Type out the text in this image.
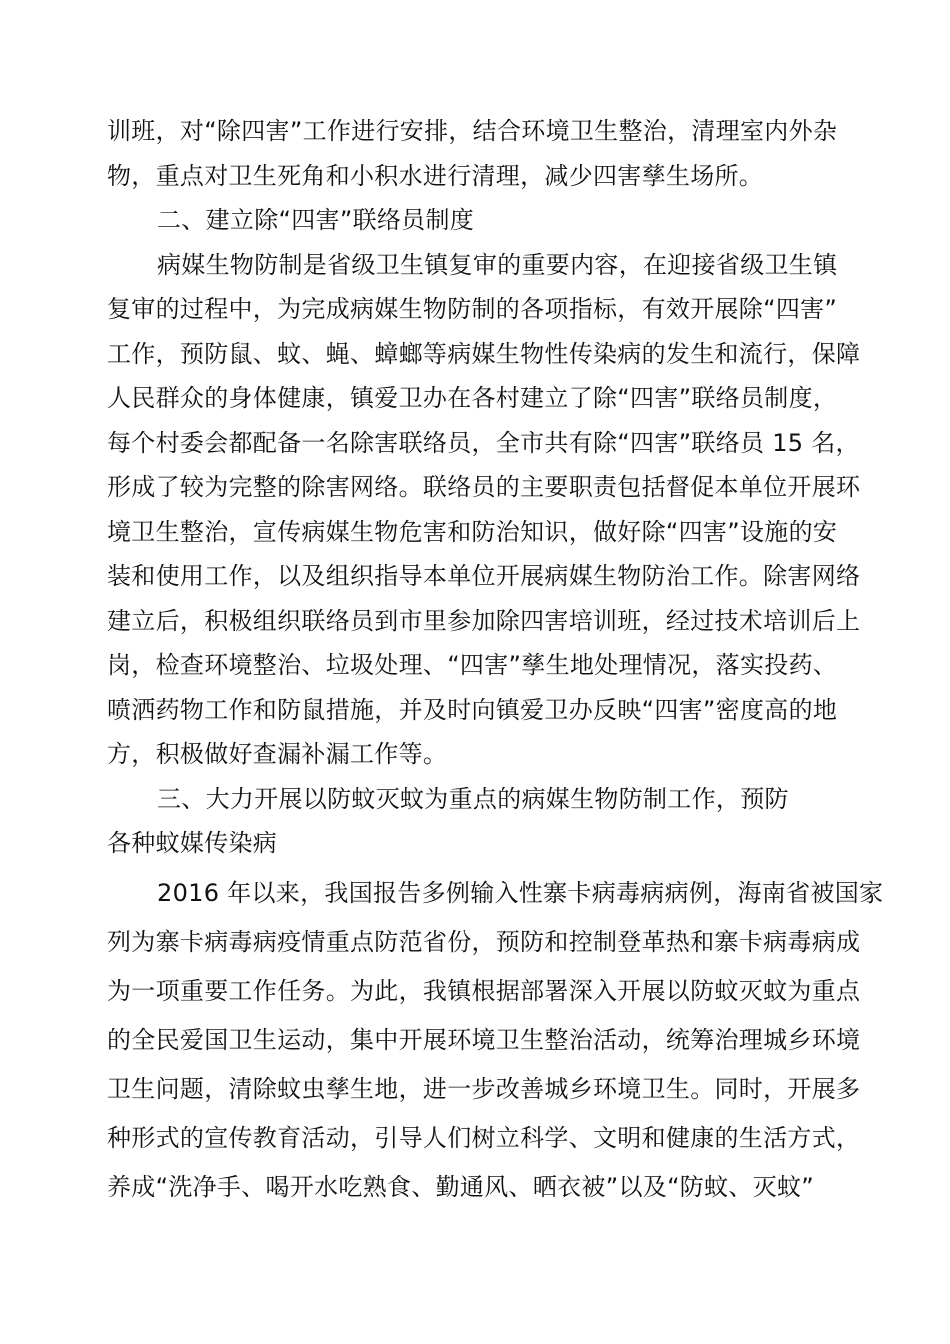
训班，对“除四害”工作进行安排，结合环境卫生整治，清理室内外杂
物，重点对卫生死角和小积水进行清理，减少四害孳生场所。
二、建立除“四害”联络员制度
病媒生物防制是省级卫生镇复审的重要内容，在迎接省级卫生镇
复审的过程中，为完成病媒生物防制的各项指标，有效开展除“四害”
工作，预防鼠、蚊、蝇、蟑螂等病媒生物性传染病的发生和流行，保障
人民群众的身体健康，镇爱卫办在各村建立了除“四害”联络员制度，
每个村委会都配备一名除害联络员，全市共有除“四害”联络员 15 名，
形成了较为完整的除害网络。联络员的主要职责包括督促本单位开展环
境卫生整治，宣传病媒生物危害和防治知识，做好除“四害”设施的安
装和使用工作，以及组织指导本单位开展病媒生物防治工作。除害网络
建立后，积极组织联络员到市里参加除四害培训班，经过技术培训后上
岗，检查环境整治、垃圾处理、“四害”孳生地处理情况，落实投药、
喷洒药物工作和防鼠措施，并及时向镇爱卫办反映“四害”密度高的地
方，积极做好查漏补漏工作等。
三、大力开展以防蚊灭蚊为重点的病媒生物防制工作，预防
各种蚊媒传染病
2016 年以来，我国报告多例输入性寨卡病毒病病例，海南省被国家
列为寨卡病毒病疫情重点防范省份，预防和控制登革热和寨卡病毒病成
为一项重要工作任务。为此，我镇根据部署深入开展以防蚊灭蚊为重点
的全民爱国卫生运动，集中开展环境卫生整治活动，统筹治理城乡环境
卫生问题，清除蚊虫孳生地，进一步改善城乡环境卫生。同时，开展多
种形式的宣传教育活动，引导人们树立科学、文明和健康的生活方式，
养成“洗净手、喝开水吃熟食、勤通风、晒衣被”以及“防蚊、灭蚊”
